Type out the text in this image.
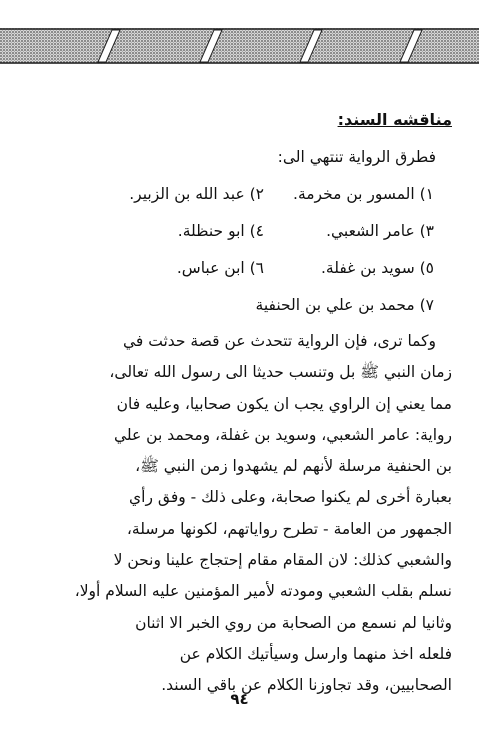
مناقشه السند:
فطرق الرواية تنتهي الى:
١) المسور بن مخرمة.
٢) عبد الله بن الزبير.
٣) عامر الشعبي.
٤) ابو حنظلة.
٥) سويد بن غفلة.
٦) ابن عباس.
٧) محمد بن علي بن الحنفية
وكما ترى، فإن الرواية تتحدث عن قصة حدثت في
زمان النبي ﷺ بل وتنسب حديثا الى رسول الله تعالى،
مما يعني إن الراوي يجب ان يكون صحابيا، وعليه فان
رواية: عامر الشعبي، وسويد بن غفلة، ومحمد بن علي
بن الحنفية مرسلة لأنهم لم يشهدوا زمن النبي ﷺ،
بعبارة أخرى لم يكنوا صحابة، وعلى ذلك - وفق رأي
الجمهور من العامة - تطرح رواياتهم، لكونها مرسلة،
والشعبي كذلك: لان المقام مقام إحتجاج علينا ونحن لا
نسلم بقلب الشعبي ومودته لأمير المؤمنين عليه السلام أولا،
وثانيا لم نسمع من الصحابة من روي الخبر الا اثنان
فلعله اخذ منهما وارسل وسيأتيك الكلام عن
الصحابيين، وقد تجاوزنا الكلام عن باقي السند.
٩٤
